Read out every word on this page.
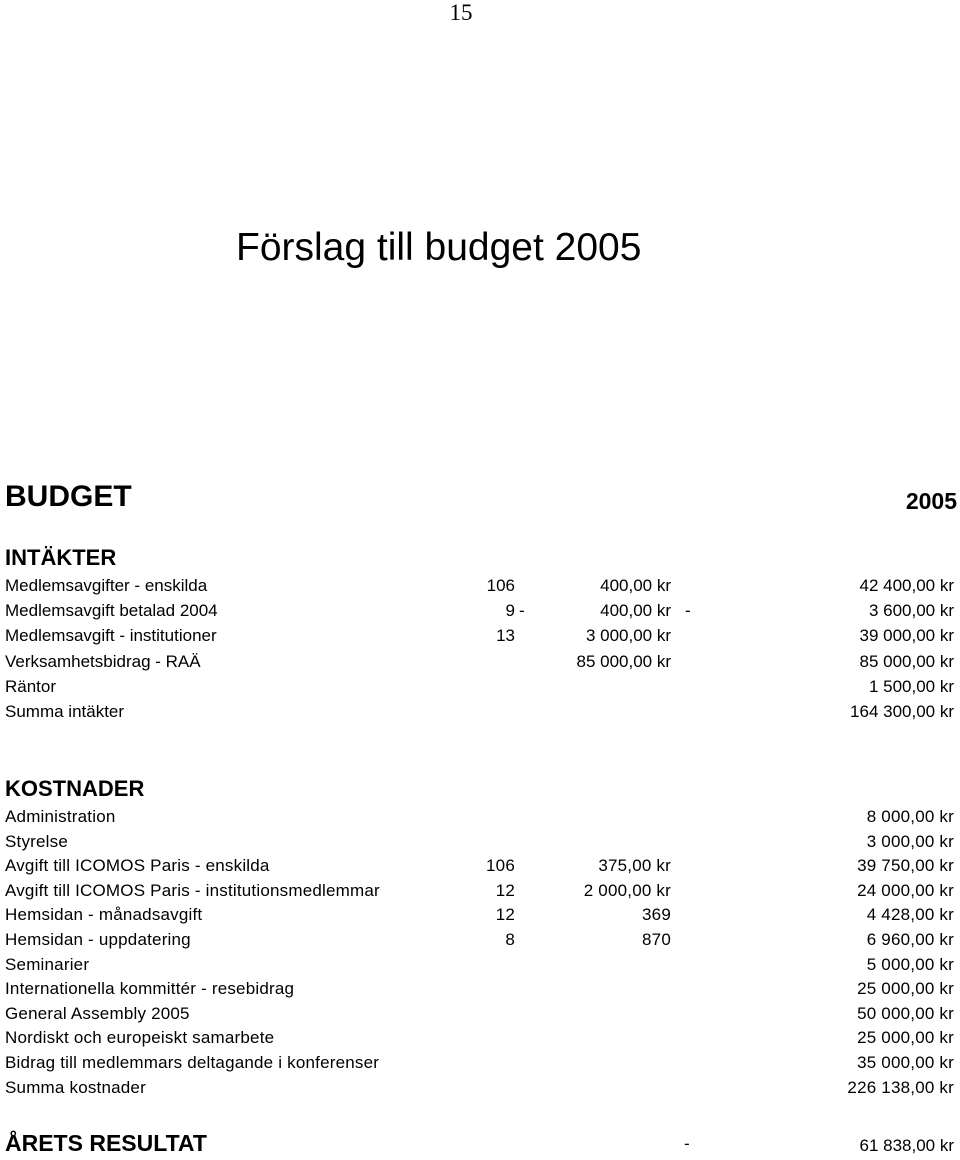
15
Förslag till budget 2005
BUDGET	2005
INTÄKTER
Medlemsavgifter - enskilda	106	400,00 kr	42 400,00 kr
Medlemsavgift betalad 2004	9 -	400,00 kr -	3 600,00 kr
Medlemsavgift - institutioner	13	3 000,00 kr	39 000,00 kr
Verksamhetsbidrag - RAÄ	85 000,00 kr	85 000,00 kr
Räntor	1 500,00 kr
Summa intäkter	164 300,00 kr
KOSTNADER
Administration	8 000,00 kr
Styrelse	3 000,00 kr
Avgift till ICOMOS Paris - enskilda	106	375,00 kr	39 750,00 kr
Avgift till ICOMOS Paris - institutionsmedlemmar	12	2 000,00 kr	24 000,00 kr
Hemsidan - månadsavgift	12	369	4 428,00 kr
Hemsidan - uppdatering	8	870	6 960,00 kr
Seminarier	5 000,00 kr
Internationella kommittér - resebidrag	25 000,00 kr
General Assembly 2005	50 000,00 kr
Nordiskt och europeiskt samarbete	25 000,00 kr
Bidrag till medlemmars deltagande i konferenser	35 000,00 kr
Summa kostnader	226 138,00 kr
ÅRETS RESULTAT	-	61 838,00 kr
